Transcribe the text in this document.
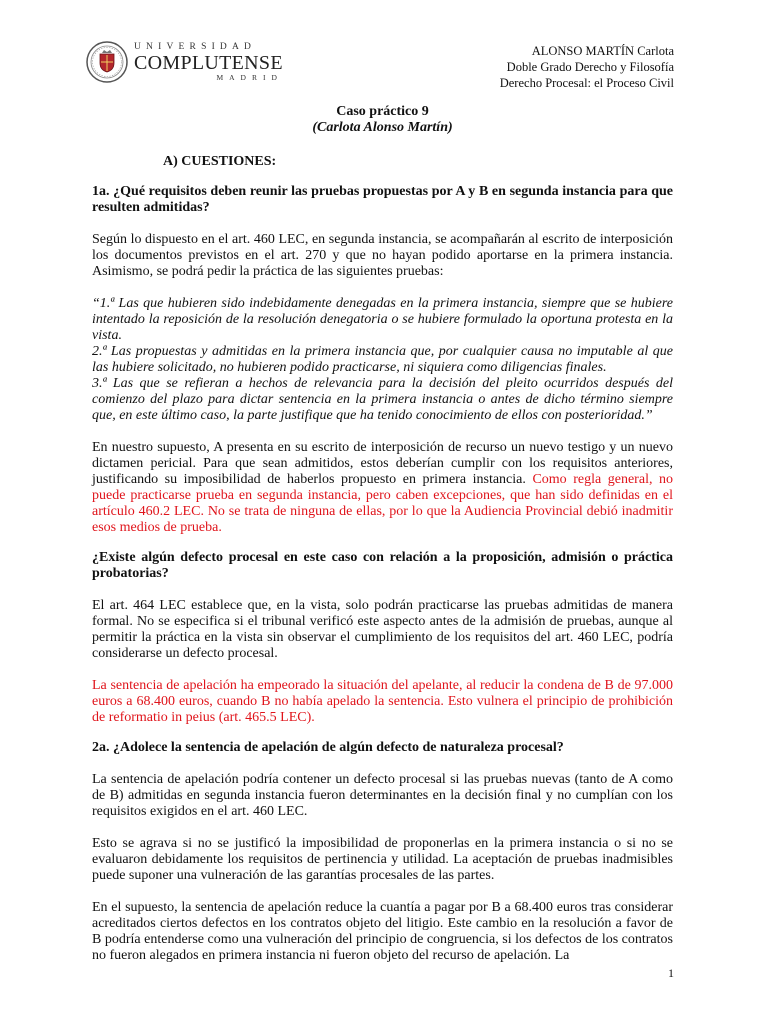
UNIVERSIDAD
COMPLUTENSE
MADRID
ALONSO MARTÍN Carlota
Doble Grado Derecho y Filosofía
Derecho Procesal: el Proceso Civil
Caso práctico 9
(Carlota Alonso Martín)
A) CUESTIONES:
1a. ¿Qué requisitos deben reunir las pruebas propuestas por A y B en segunda instancia para que resulten admitidas?

Según lo dispuesto en el art. 460 LEC, en segunda instancia, se acompañarán al escrito de interposición los documentos previstos en el art. 270 y que no hayan podido aportarse en la primera instancia. Asimismo, se podrá pedir la práctica de las siguientes pruebas:

“1.ª Las que hubieren sido indebidamente denegadas en la primera instancia, siempre que se hubiere intentado la reposición de la resolución denegatoria o se hubiere formulado la oportuna protesta en la vista.
2.ª Las propuestas y admitidas en la primera instancia que, por cualquier causa no imputable al que las hubiere solicitado, no hubieren podido practicarse, ni siquiera como diligencias finales.
3.ª Las que se refieran a hechos de relevancia para la decisión del pleito ocurridos después del comienzo del plazo para dictar sentencia en la primera instancia o antes de dicho término siempre que, en este último caso, la parte justifique que ha tenido conocimiento de ellos con posterioridad.”

En nuestro supuesto, A presenta en su escrito de interposición de recurso un nuevo testigo y un nuevo dictamen pericial. Para que sean admitidos, estos deberían cumplir con los requisitos anteriores, justificando su imposibilidad de haberlos propuesto en primera instancia. Como regla general, no puede practicarse prueba en segunda instancia, pero caben excepciones, que han sido definidas en el artículo 460.2 LEC. No se trata de ninguna de ellas, por lo que la Audiencia Provincial debió inadmitir esos medios de prueba.

¿Existe algún defecto procesal en este caso con relación a la proposición, admisión o práctica probatorias?

El art. 464 LEC establece que, en la vista, solo podrán practicarse las pruebas admitidas de manera formal. No se especifica si el tribunal verificó este aspecto antes de la admisión de pruebas, aunque al permitir la práctica en la vista sin observar el cumplimiento de los requisitos del art. 460 LEC, podría considerarse un defecto procesal.

La sentencia de apelación ha empeorado la situación del apelante, al reducir la condena de B de 97.000 euros a 68.400 euros, cuando B no había apelado la sentencia. Esto vulnera el principio de prohibición de reformatio in peius (art. 465.5 LEC).

2a. ¿Adolece la sentencia de apelación de algún defecto de naturaleza procesal?

La sentencia de apelación podría contener un defecto procesal si las pruebas nuevas (tanto de A como de B) admitidas en segunda instancia fueron determinantes en la decisión final y no cumplían con los requisitos exigidos en el art. 460 LEC.

Esto se agrava si no se justificó la imposibilidad de proponerlas en la primera instancia o si no se evaluaron debidamente los requisitos de pertinencia y utilidad. La aceptación de pruebas inadmisibles puede suponer una vulneración de las garantías procesales de las partes.

En el supuesto, la sentencia de apelación reduce la cuantía a pagar por B a 68.400 euros tras considerar acreditados ciertos defectos en los contratos objeto del litigio. Este cambio en la resolución a favor de B podría entenderse como una vulneración del principio de congruencia, si los defectos de los contratos no fueron alegados en primera instancia ni fueron objeto del recurso de apelación. La

1
